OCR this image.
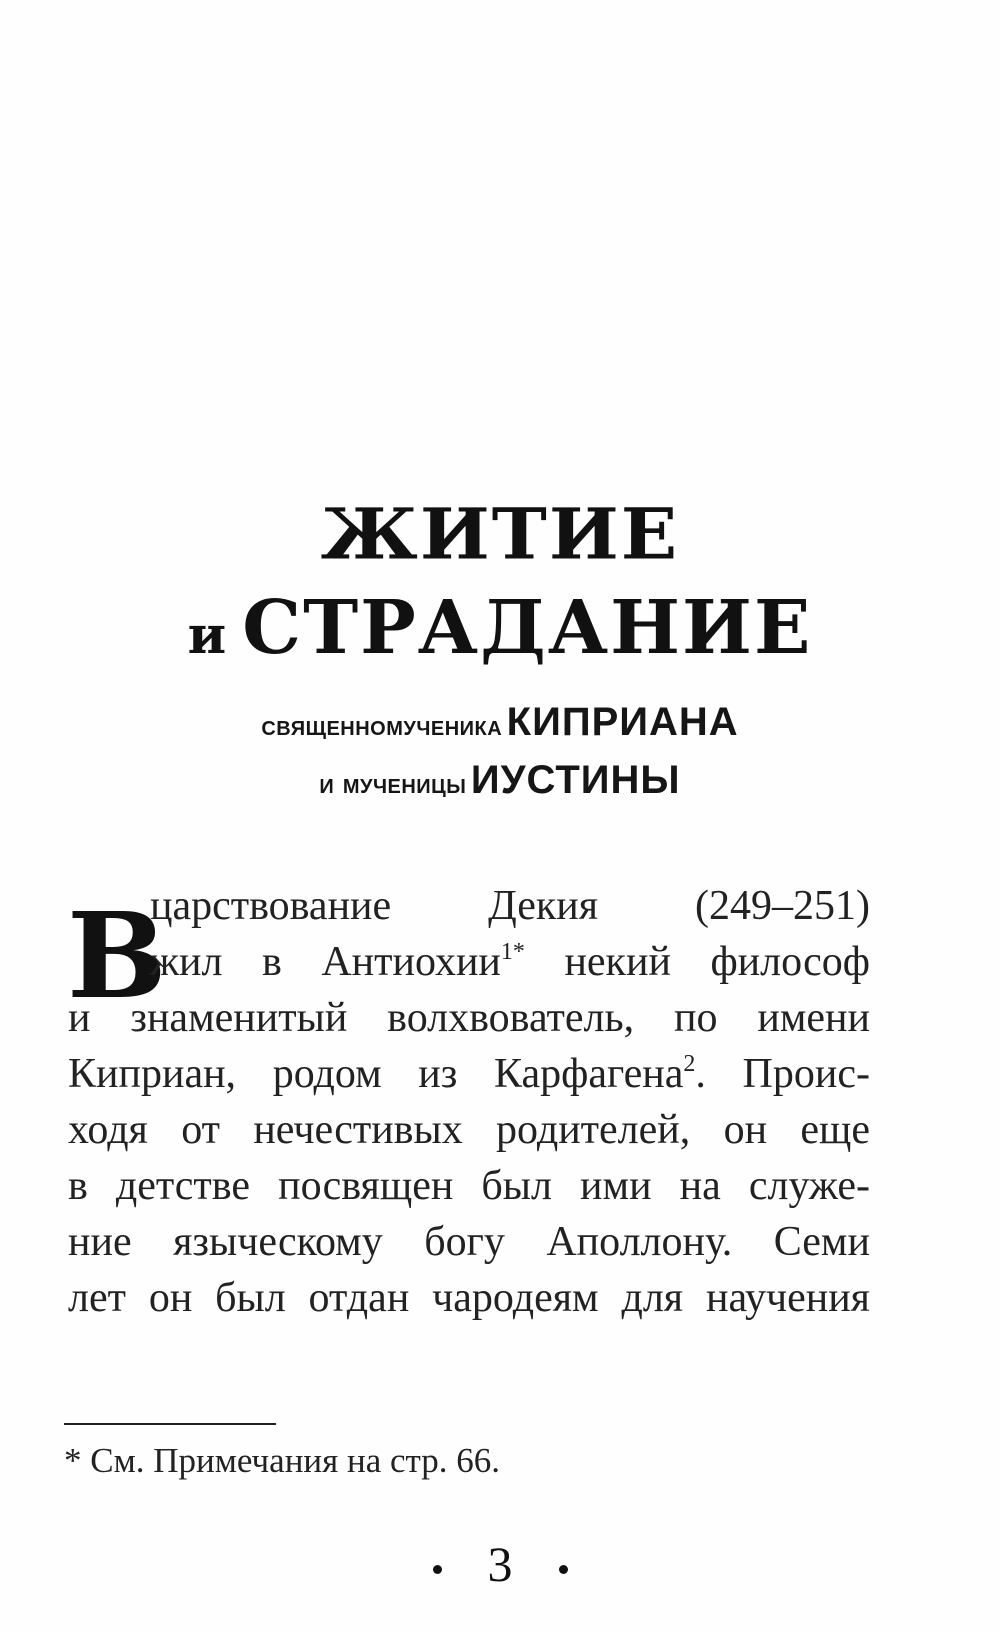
ЖИТИЕ
и СТРАДАНИЕ
священномученика КИПРИАНА
и мученицы ИУСТИНЫ
В
царствование Декия (249–251)
жил в Антиохии$^{1*}$ некий философ
и знаменитый волхвователь, по имени
Киприан, родом из Карфагена$^2$. Проис-
ходя от нечестивых родителей, он еще
в детстве посвящен был ими на служе-
ние языческому богу Аполлону. Семи
лет он был отдан чародеям для научения
* См. Примечания на стр. 66.
3
